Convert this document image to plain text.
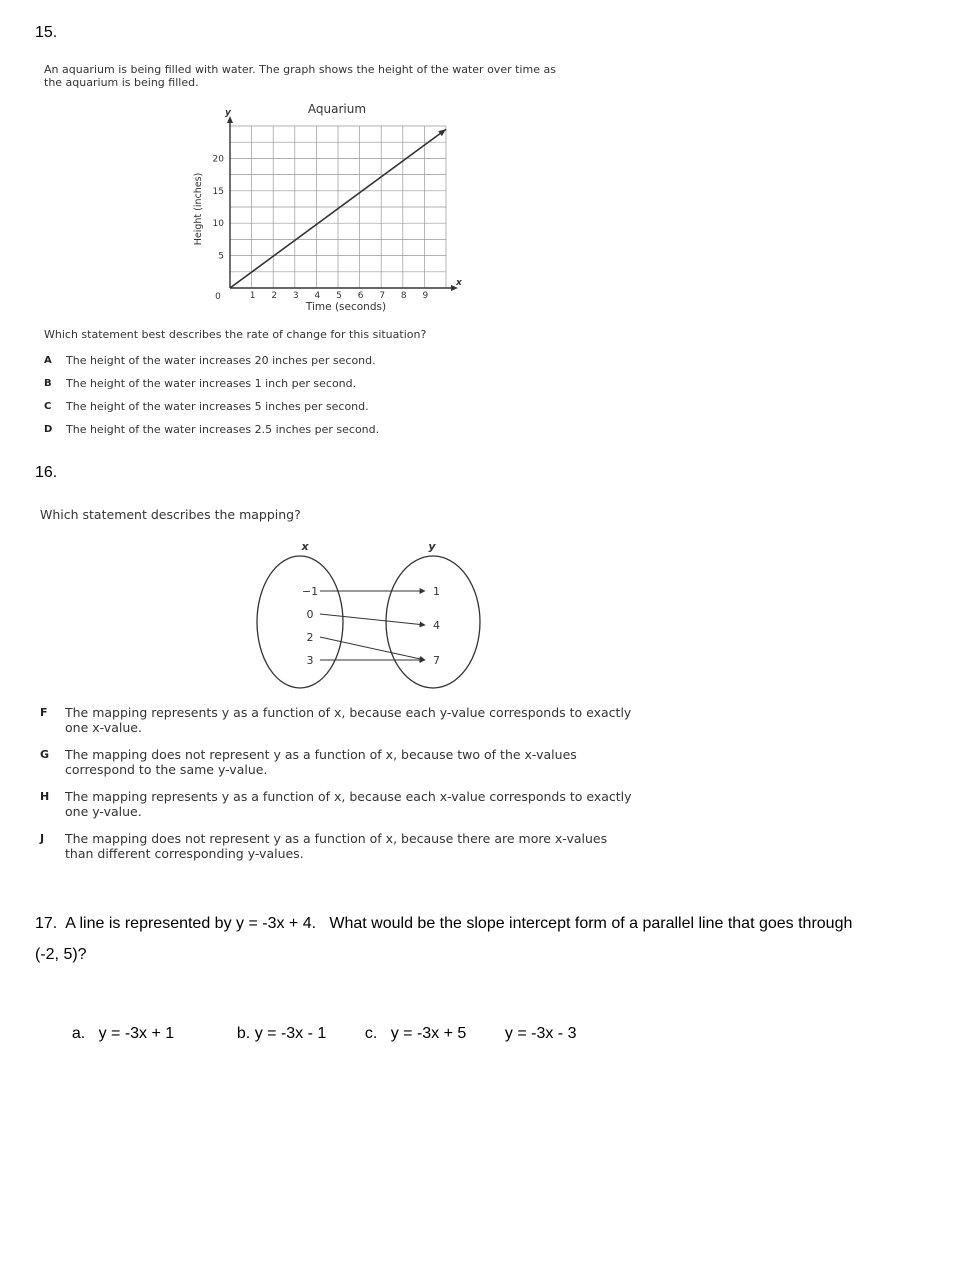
15.
An aquarium is being filled with water. The graph shows the height of the water over time as
the aquarium is being filled.
Aquarium
y
x
0	1 2 3 4 5 6 7 8 9
5
10
15
20
Time (seconds)
Height (inches)
Which statement best describes the rate of change for this situation?
A	The height of the water increases 20 inches per second.
B	The height of the water increases 1 inch per second.
C	The height of the water increases 5 inches per second.
D	The height of the water increases 2.5 inches per second.
16.
Which statement describes the mapping?
x	y
−1
0
2
3
1
4
7
F	The mapping represents y as a function of x, because each y-value corresponds to exactly
one x-value.
G	The mapping does not represent y as a function of x, because two of the x-values
correspond to the same y-value.
H	The mapping represents y as a function of x, because each x-value corresponds to exactly
one y-value.
J	The mapping does not represent y as a function of x, because there are more x-values
than different corresponding y-values.
17.  A line is represented by y = -3x + 4.   What would be the slope intercept form of a parallel line that goes through
(-2, 5)?

a. y = -3x + 1	b. y = -3x - 1	c. y = -3x + 5	y = -3x - 3
